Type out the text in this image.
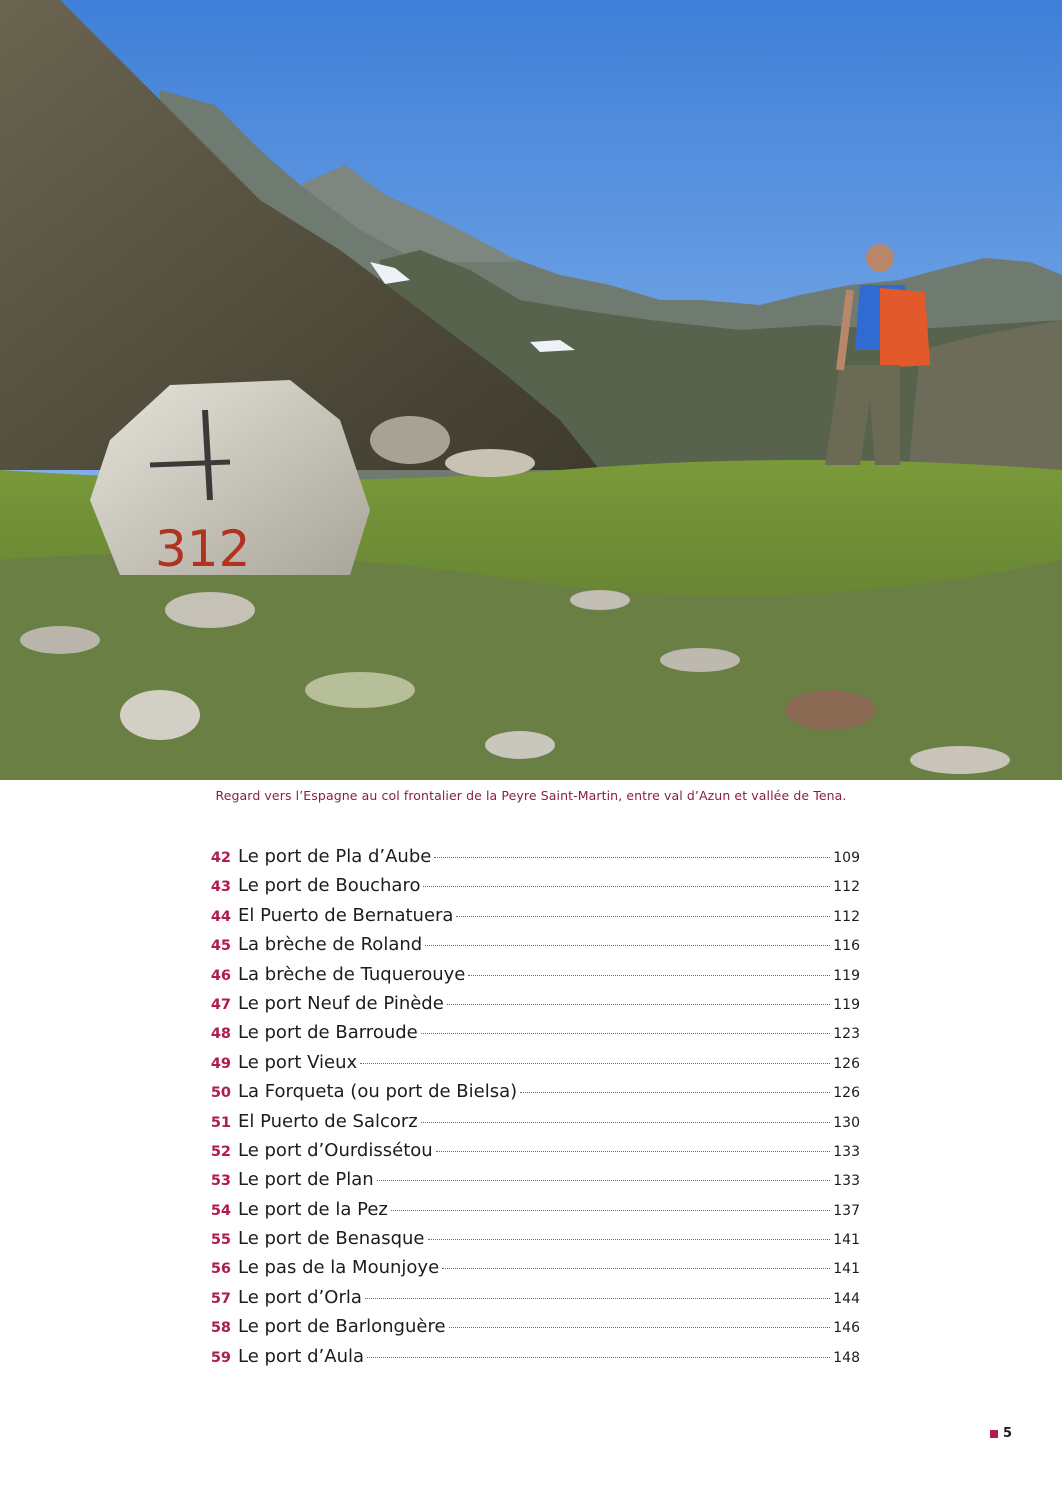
312
Regard vers l’Espagne au col frontalier de la Peyre Saint-Martin, entre val d’Azun et vallée de Tena.
42 Le port de Pla d’Aube	109
43 Le port de Boucharo	112
44 El Puerto de Bernatuera	112
45 La brèche de Roland	116
46 La brèche de Tuquerouye	119
47 Le port Neuf de Pinède	119
48 Le port de Barroude	123
49 Le port Vieux	126
50 La Forqueta (ou port de Bielsa)	126
51 El Puerto de Salcorz	130
52 Le port d’Ourdissétou	133
53 Le port de Plan	133
54 Le port de la Pez	137
55 Le port de Benasque	141
56 Le pas de la Mounjoye	141
57 Le port d’Orla	144
58 Le port de Barlonguère	146
59 Le port d’Aula	148
5
